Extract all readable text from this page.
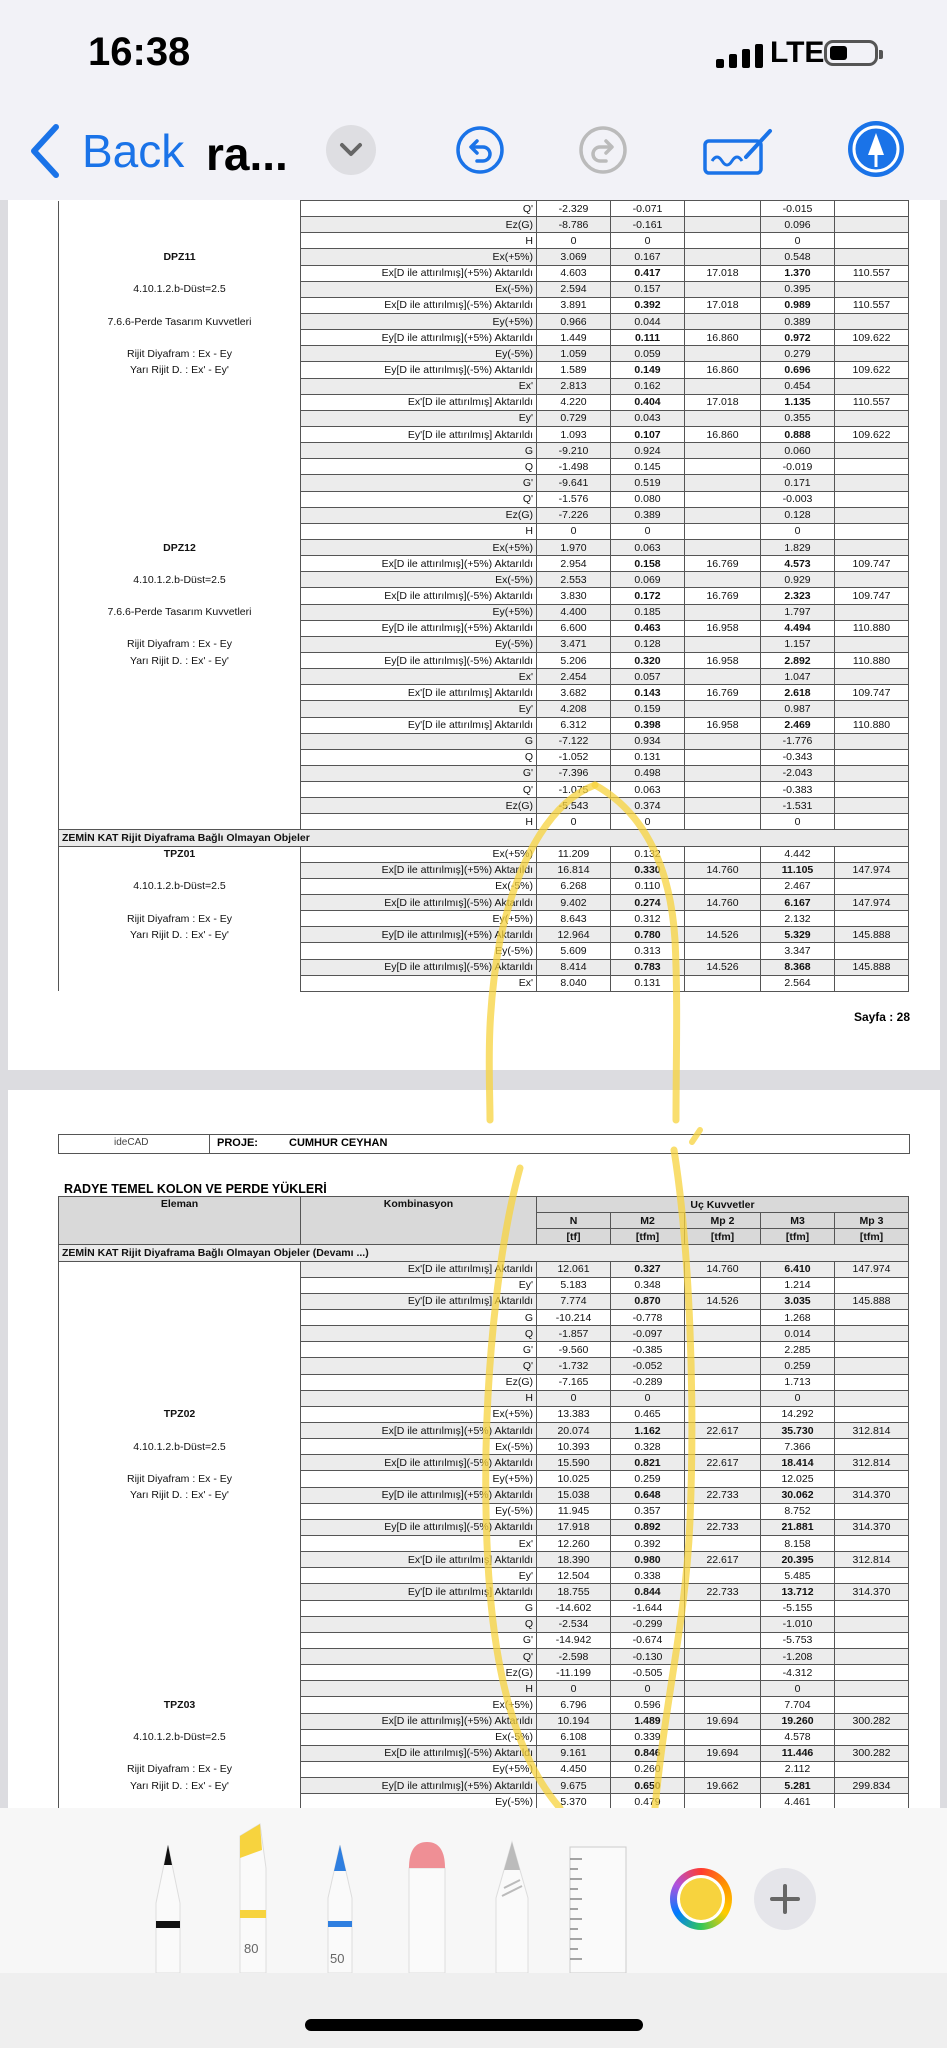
16:38	LTE
Back ra...
	Q'	-2.329	-0.071		-0.015	
	Ez(G)	-8.786	-0.161		0.096	
	H	0	0		0	
DPZ11	Ex(+5%)	3.069	0.167		0.548	
	Ex[D ile attırılmış](+5%) Aktarıldı	4.603	0.417	17.018	1.370	110.557
4.10.1.2.b-Düst=2.5	Ex(-5%)	2.594	0.157		0.395	
	Ex[D ile attırılmış](-5%) Aktarıldı	3.891	0.392	17.018	0.989	110.557
7.6.6-Perde Tasarım Kuvvetleri	Ey(+5%)	0.966	0.044		0.389	
	Ey[D ile attırılmış](+5%) Aktarıldı	1.449	0.111	16.860	0.972	109.622
Rijit Diyafram : Ex - Ey	Ey(-5%)	1.059	0.059		0.279	
Yarı Rijit D. : Ex' - Ey'	Ey[D ile attırılmış](-5%) Aktarıldı	1.589	0.149	16.860	0.696	109.622
	Ex'	2.813	0.162		0.454	
	Ex'[D ile attırılmış] Aktarıldı	4.220	0.404	17.018	1.135	110.557
	Ey'	0.729	0.043		0.355	
	Ey'[D ile attırılmış] Aktarıldı	1.093	0.107	16.860	0.888	109.622
	G	-9.210	0.924		0.060	
	Q	-1.498	0.145		-0.019	
	G'	-9.641	0.519		0.171	
	Q'	-1.576	0.080		-0.003	
	Ez(G)	-7.226	0.389		0.128	
	H	0	0		0	
DPZ12	Ex(+5%)	1.970	0.063		1.829	
	Ex[D ile attırılmış](+5%) Aktarıldı	2.954	0.158	16.769	4.573	109.747
4.10.1.2.b-Düst=2.5	Ex(-5%)	2.553	0.069		0.929	
	Ex[D ile attırılmış](-5%) Aktarıldı	3.830	0.172	16.769	2.323	109.747
7.6.6-Perde Tasarım Kuvvetleri	Ey(+5%)	4.400	0.185		1.797	
	Ey[D ile attırılmış](+5%) Aktarıldı	6.600	0.463	16.958	4.494	110.880
Rijit Diyafram : Ex - Ey	Ey(-5%)	3.471	0.128		1.157	
Yarı Rijit D. : Ex' - Ey'	Ey[D ile attırılmış](-5%) Aktarıldı	5.206	0.320	16.958	2.892	110.880
	Ex'	2.454	0.057		1.047	
	Ex'[D ile attırılmış] Aktarıldı	3.682	0.143	16.769	2.618	109.747
	Ey'	4.208	0.159		0.987	
	Ey'[D ile attırılmış] Aktarıldı	6.312	0.398	16.958	2.469	110.880
	G	-7.122	0.934		-1.776	
	Q	-1.052	0.131		-0.343	
	G'	-7.396	0.498		-2.043	
	Q'	-1.075	0.063		-0.383	
	Ez(G)	-5.543	0.374		-1.531	
	H	0	0		0	
ZEMİN KAT Rijit Diyaframa Bağlı Olmayan Objeler						
TPZ01	Ex(+5%)	11.209	0.132		4.442	
	Ex[D ile attırılmış](+5%) Aktarıldı	16.814	0.330	14.760	11.105	147.974
4.10.1.2.b-Düst=2.5	Ex(-5%)	6.268	0.110		2.467	
	Ex[D ile attırılmış](-5%) Aktarıldı	9.402	0.274	14.760	6.167	147.974
Rijit Diyafram : Ex - Ey	Ey(+5%)	8.643	0.312		2.132	
Yarı Rijit D. : Ex' - Ey'	Ey[D ile attırılmış](+5%) Aktarıldı	12.964	0.780	14.526	5.329	145.888
	Ey(-5%)	5.609	0.313		3.347	
	Ey[D ile attırılmış](-5%) Aktarıldı	8.414	0.783	14.526	8.368	145.888
	Ex'	8.040	0.131		2.564	
Sayfa : 28
ideCAD	PROJE:	CUMHUR CEYHAN
RADYE TEMEL KOLON VE PERDE YÜKLERİ
Eleman	Kombinasyon	Uç Kuvvetler				
		N	M2	Mp 2	M3	Mp 3
		[tf]	[tfm]	[tfm]	[tfm]	[tfm]
ZEMİN KAT Rijit Diyaframa Bağlı Olmayan Objeler (Devamı ...)						
	Ex'[D ile attırılmış] Aktarıldı	12.061	0.327	14.760	6.410	147.974
	Ey'	5.183	0.348		1.214	
	Ey'[D ile attırılmış] Aktarıldı	7.774	0.870	14.526	3.035	145.888
	G	-10.214	-0.778		1.268	
	Q	-1.857	-0.097		0.014	
	G'	-9.560	-0.385		2.285	
	Q'	-1.732	-0.052		0.259	
	Ez(G)	-7.165	-0.289		1.713	
	H	0	0		0	
TPZ02	Ex(+5%)	13.383	0.465		14.292	
	Ex[D ile attırılmış](+5%) Aktarıldı	20.074	1.162	22.617	35.730	312.814
4.10.1.2.b-Düst=2.5	Ex(-5%)	10.393	0.328		7.366	
	Ex[D ile attırılmış](-5%) Aktarıldı	15.590	0.821	22.617	18.414	312.814
Rijit Diyafram : Ex - Ey	Ey(+5%)	10.025	0.259		12.025	
Yarı Rijit D. : Ex' - Ey'	Ey[D ile attırılmış](+5%) Aktarıldı	15.038	0.648	22.733	30.062	314.370
	Ey(-5%)	11.945	0.357		8.752	
	Ey[D ile attırılmış](-5%) Aktarıldı	17.918	0.892	22.733	21.881	314.370
	Ex'	12.260	0.392		8.158	
	Ex'[D ile attırılmış] Aktarıldı	18.390	0.980	22.617	20.395	312.814
	Ey'	12.504	0.338		5.485	
	Ey'[D ile attırılmış] Aktarıldı	18.755	0.844	22.733	13.712	314.370
	G	-14.602	-1.644		-5.155	
	Q	-2.534	-0.299		-1.010	
	G'	-14.942	-0.674		-5.753	
	Q'	-2.598	-0.130		-1.208	
	Ez(G)	-11.199	-0.505		-4.312	
	H	0	0		0	
TPZ03	Ex(+5%)	6.796	0.596		7.704	
	Ex[D ile attırılmış](+5%) Aktarıldı	10.194	1.489	19.694	19.260	300.282
4.10.1.2.b-Düst=2.5	Ex(-5%)	6.108	0.339		4.578	
	Ex[D ile attırılmış](-5%) Aktarıldı	9.161	0.846	19.694	11.446	300.282
Rijit Diyafram : Ex - Ey	Ey(+5%)	4.450	0.260		2.112	
Yarı Rijit D. : Ex' - Ey'	Ey[D ile attırılmış](+5%) Aktarıldı	9.675	0.650	19.662	5.281	299.834
	Ey(-5%)	5.370	0.479		4.461	
80
50
